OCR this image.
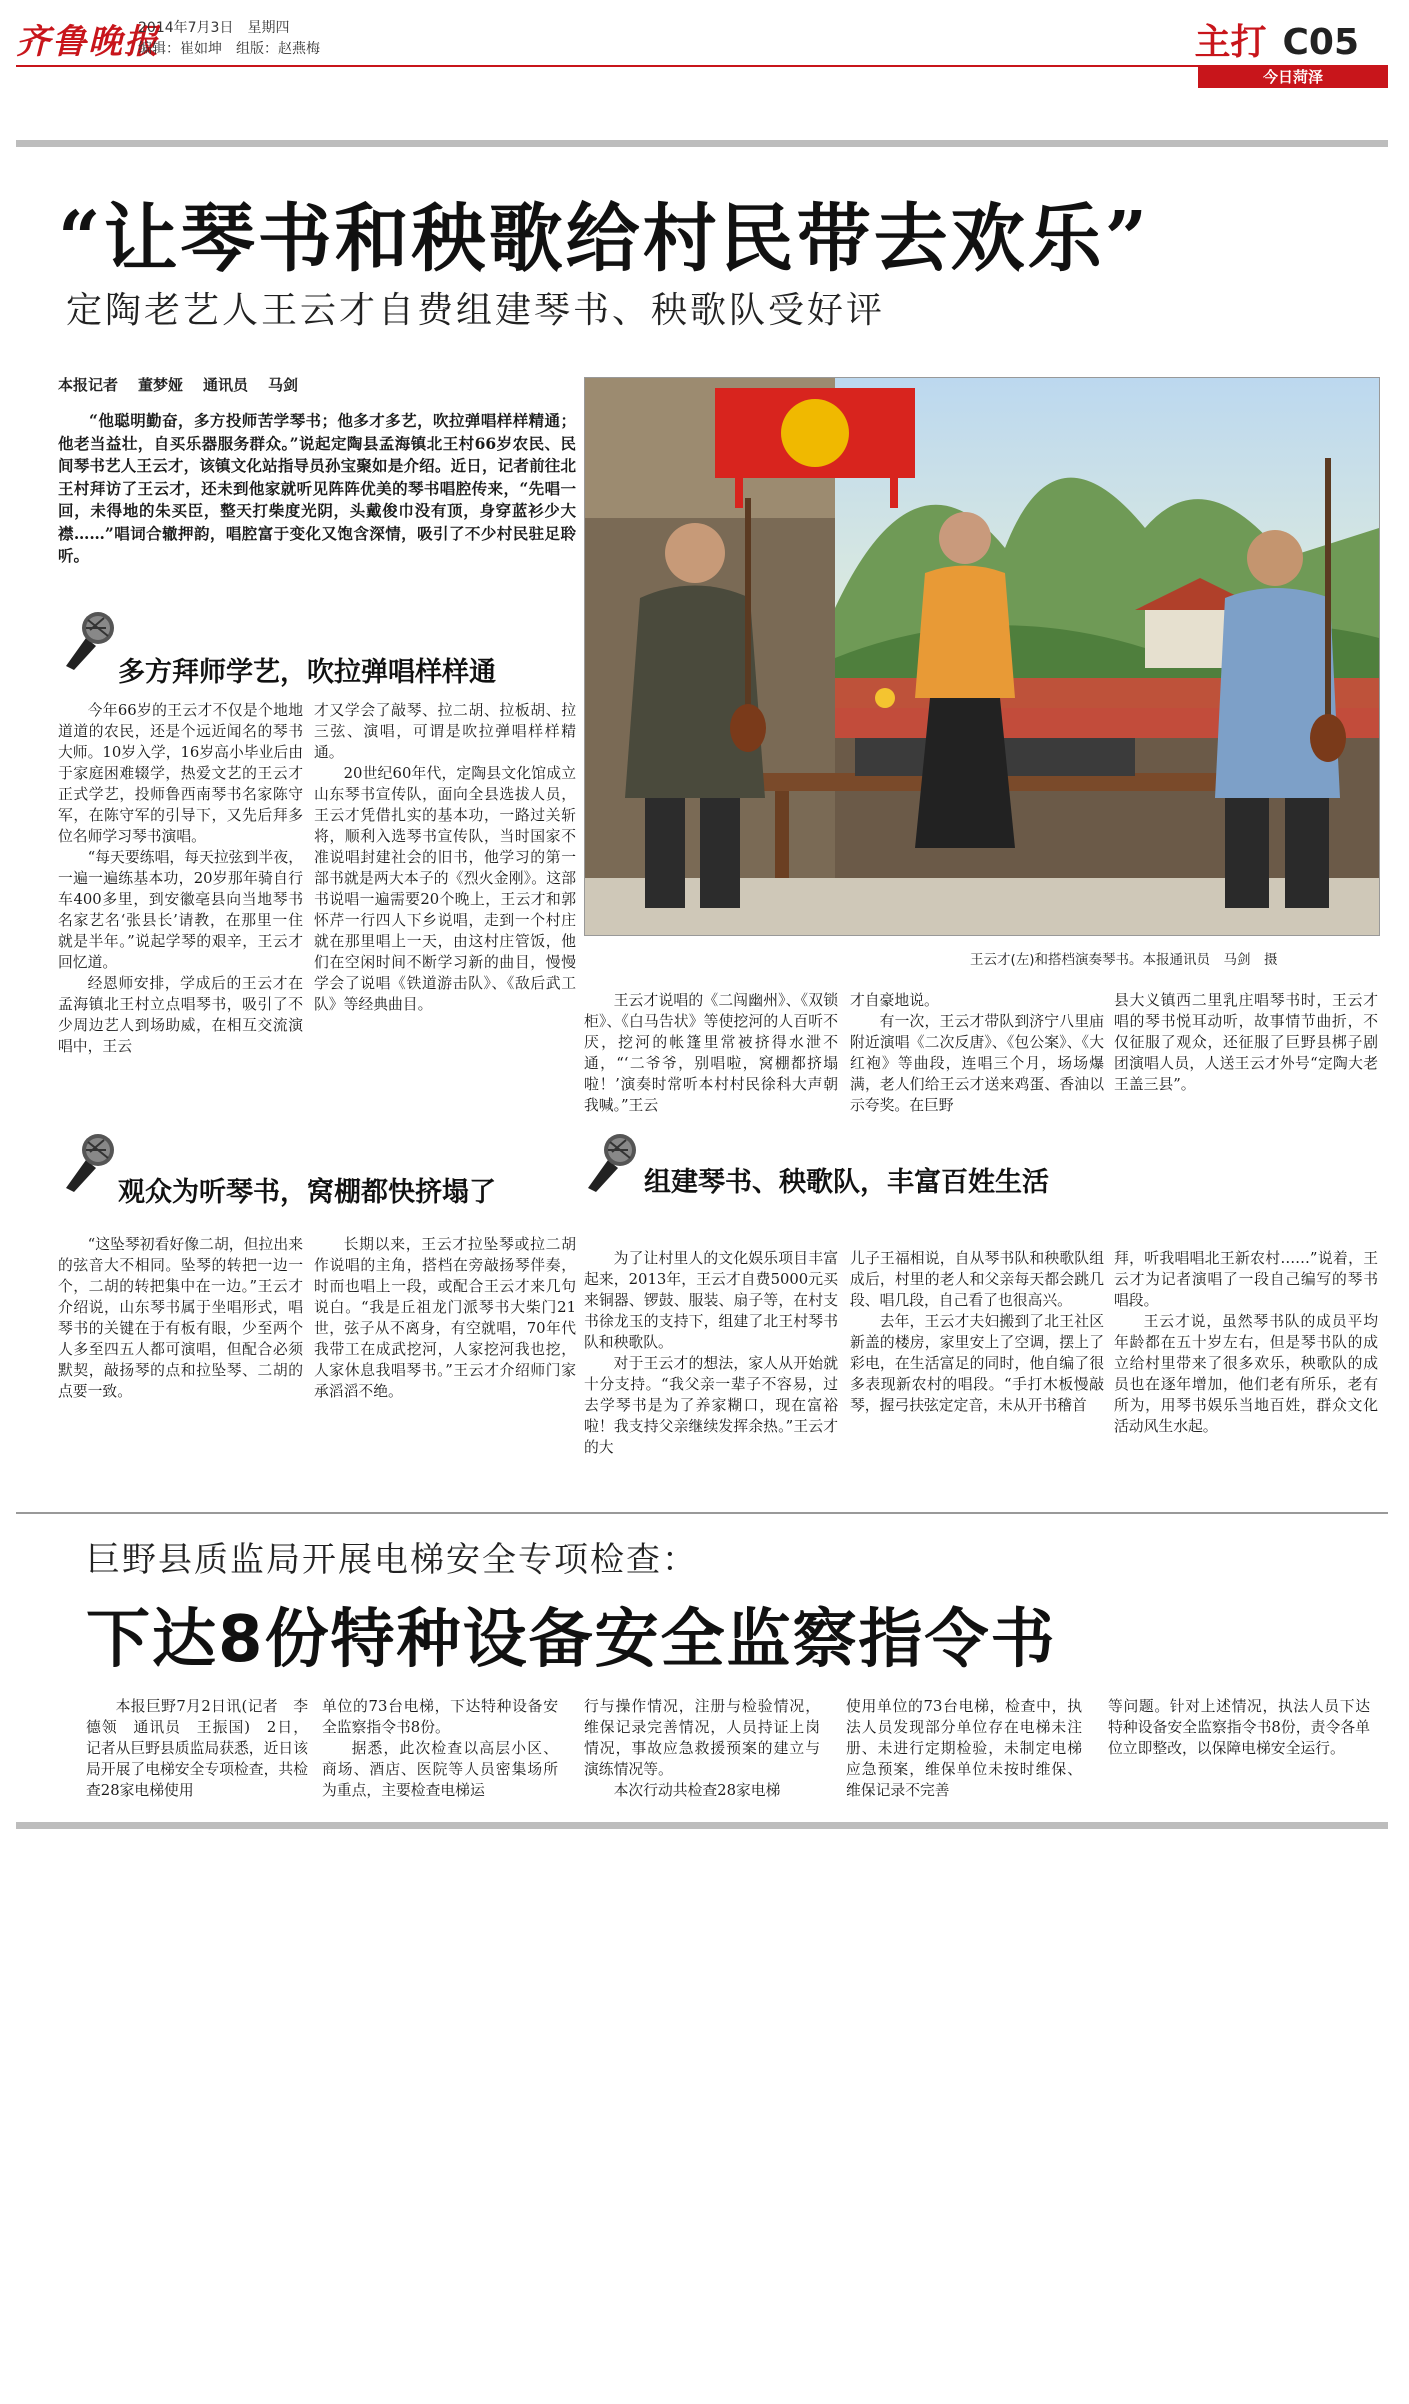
齐鲁晚报
2014年7月3日 星期四
编辑：崔如坤 组版：赵燕梅	主打 C05
今日菏泽
“让琴书和秧歌给村民带去欢乐”
定陶老艺人王云才自费组建琴书、秧歌队受好评
本报记者 董梦娅 通讯员 马剑

“他聪明勤奋，多方投师苦学琴书；他多才多艺，吹拉弹唱样样精通；他老当益壮，自买乐器服务群众。”说起定陶县孟海镇北王村66岁农民、民间琴书艺人王云才，该镇文化站指导员孙宝聚如是介绍。近日，记者前往北王村拜访了王云才，还未到他家就听见阵阵优美的琴书唱腔传来，“先唱一回，未得地的朱买臣，整天打柴度光阴，头戴俊巾没有顶，身穿蓝衫少大襟……”唱词合辙押韵，唱腔富于变化又饱含深情，吸引了不少村民驻足聆听。

王云才(左)和搭档演奏琴书。本报通讯员　马剑　摄
多方拜师学艺，吹拉弹唱样样通

今年66岁的王云才不仅是个地地道道的农民，还是个远近闻名的琴书大师。10岁入学，16岁高小毕业后由于家庭困难辍学，热爱文艺的王云才正式学艺，投师鲁西南琴书名家陈守军，在陈守军的引导下，又先后拜多位名师学习琴书演唱。

“每天要练唱，每天拉弦到半夜，一遍一遍练基本功，20岁那年骑自行车400多里，到安徽亳县向当地琴书名家艺名‘张县长’请教，在那里一住就是半年。”说起学琴的艰辛，王云才回忆道。

经恩师安排，学成后的王云才在孟海镇北王村立点唱琴书，吸引了不少周边艺人到场助威，在相互交流演唱中，王云

才又学会了敲琴、拉二胡、拉板胡、拉三弦、演唱，可谓是吹拉弹唱样样精通。

20世纪60年代，定陶县文化馆成立山东琴书宣传队，面向全县选拔人员，王云才凭借扎实的基本功，一路过关斩将，顺利入选琴书宣传队，当时国家不准说唱封建社会的旧书，他学习的第一部书就是两大本子的《烈火金刚》。这部书说唱一遍需要20个晚上，王云才和郭怀芹一行四人下乡说唱，走到一个村庄就在那里唱上一天，由这村庄管饭，他们在空闲时间不断学习新的曲目，慢慢学会了说唱《铁道游击队》、《敌后武工队》等经典曲目。	王云才说唱的《二闯幽州》、《双锁柜》、《白马告状》等使挖河的人百听不厌，挖河的帐篷里常被挤得水泄不通，“‘二爷爷，别唱啦，窝棚都挤塌啦！’演奏时常听本村村民徐科大声朝我喊。”王云

才自豪地说。

有一次，王云才带队到济宁八里庙附近演唱《二次反唐》、《包公案》、《大红袍》等曲段，连唱三个月，场场爆满，老人们给王云才送来鸡蛋、香油以示夸奖。在巨野

县大义镇西二里乳庄唱琴书时，王云才唱的琴书悦耳动听，故事情节曲折，不仅征服了观众，还征服了巨野县梆子剧团演唱人员，人送王云才外号“定陶大老王盖三县”。

观众为听琴书，窝棚都快挤塌了

“这坠琴初看好像二胡，但拉出来的弦音大不相同。坠琴的转把一边一个，二胡的转把集中在一边。”王云才介绍说，山东琴书属于坐唱形式，唱琴书的关键在于有板有眼，少至两个人多至四五人都可演唱，但配合必须默契，敲扬琴的点和拉坠琴、二胡的点要一致。

长期以来，王云才拉坠琴或拉二胡作说唱的主角，搭档在旁敲扬琴伴奏，时而也唱上一段，或配合王云才来几句说白。“我是丘祖龙门派琴书大柴门21世，弦子从不离身，有空就唱，70年代我带工在成武挖河，人家挖河我也挖，人家休息我唱琴书。”王云才介绍师门家承滔滔不绝。

组建琴书、秧歌队，丰富百姓生活

为了让村里人的文化娱乐项目丰富起来，2013年，王云才自费5000元买来铜器、锣鼓、服装、扇子等，在村支书徐龙玉的支持下，组建了北王村琴书队和秧歌队。

对于王云才的想法，家人从开始就十分支持。“我父亲一辈子不容易，过去学琴书是为了养家糊口，现在富裕啦！我支持父亲继续发挥余热。”王云才的大

儿子王福相说，自从琴书队和秧歌队组成后，村里的老人和父亲每天都会跳几段、唱几段，自己看了也很高兴。

去年，王云才夫妇搬到了北王社区新盖的楼房，家里安上了空调，摆上了彩电，在生活富足的同时，他自编了很多表现新农村的唱段。“手打木板慢敲琴，握弓扶弦定定音，未从开书稽首

拜，听我唱唱北王新农村……”说着，王云才为记者演唱了一段自己编写的琴书唱段。

王云才说，虽然琴书队的成员平均年龄都在五十岁左右，但是琴书队的成立给村里带来了很多欢乐，秧歌队的成员也在逐年增加，他们老有所乐，老有所为，用琴书娱乐当地百姓，群众文化活动风生水起。

巨野县质监局开展电梯安全专项检查：
下达8份特种设备安全监察指令书

本报巨野7月2日讯(记者　李德领　通讯员　王振国)　2日，记者从巨野县质监局获悉，近日该局开展了电梯安全专项检查，共检查28家电梯使用

单位的73台电梯，下达特种设备安全监察指令书8份。

据悉，此次检查以高层小区、商场、酒店、医院等人员密集场所为重点，主要检查电梯运

行与操作情况，注册与检验情况，维保记录完善情况，人员持证上岗情况，事故应急救援预案的建立与演练情况等。

本次行动共检查28家电梯

使用单位的73台电梯，检查中，执法人员发现部分单位存在电梯未注册、未进行定期检验，未制定电梯应急预案，维保单位未按时维保、维保记录不完善

等问题。针对上述情况，执法人员下达特种设备安全监察指令书8份，责令各单位立即整改，以保障电梯安全运行。
